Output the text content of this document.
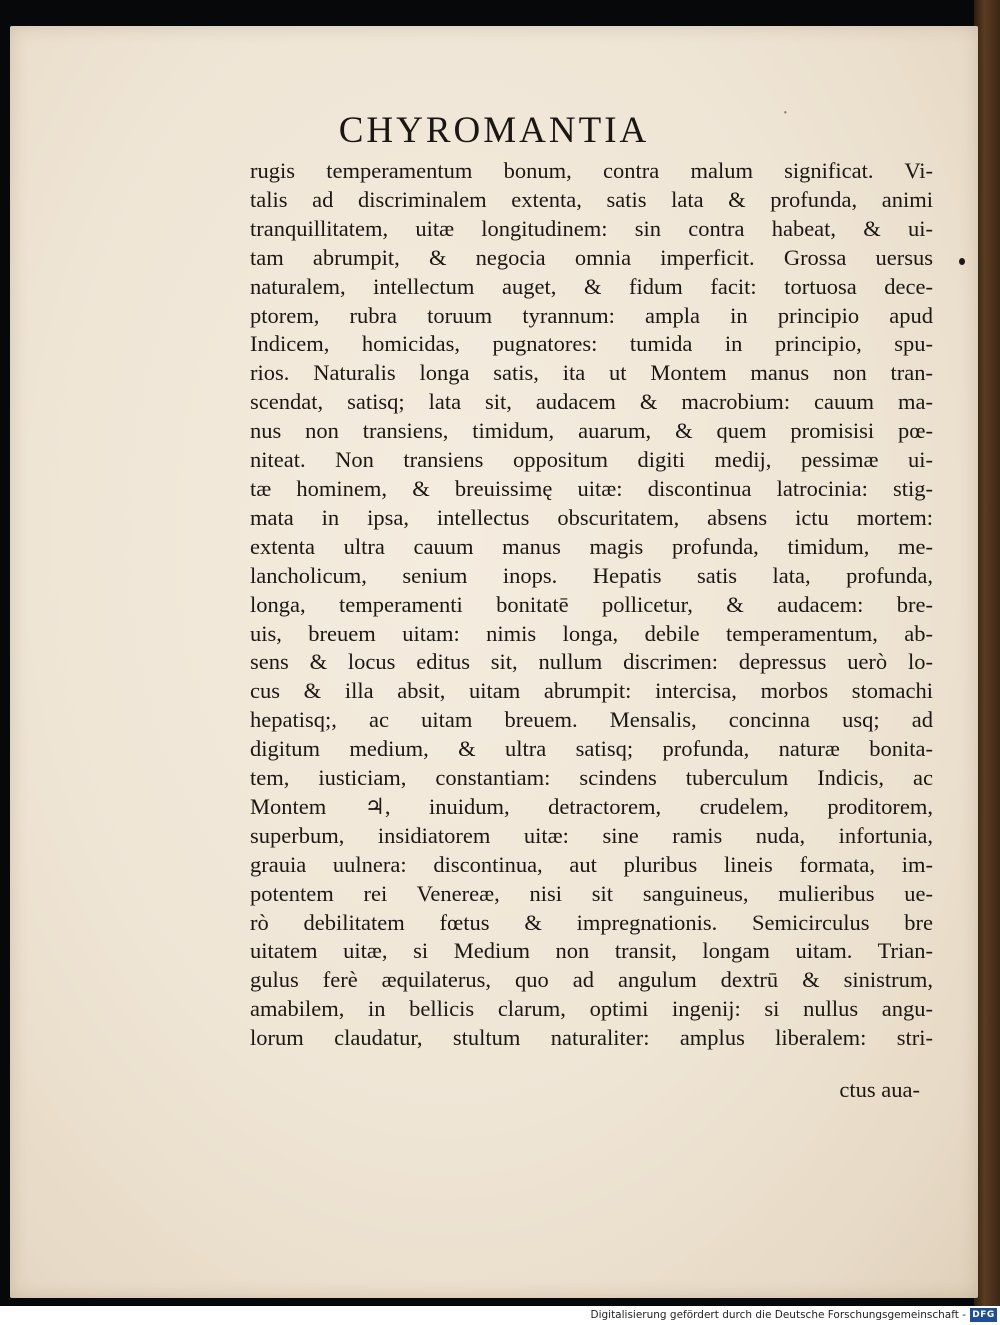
CHYROMANTIA	·
rugis temperamentum bonum, contra malum significat. Vi-
talis ad discriminalem extenta, satis lata & profunda, animi
tranquillitatem, uitæ longitudinem: sin contra habeat, & ui-
tam abrumpit, & negocia omnia imperficit. Grossa uersus
naturalem, intellectum auget, & fidum facit: tortuosa dece-
ptorem, rubra toruum tyrannum: ampla in principio apud
Indicem, homicidas, pugnatores: tumida in principio, spu-
rios. Naturalis longa satis, ita ut Montem manus non tran-
scendat, satisq; lata sit, audacem & macrobium: cauum ma-
nus non transiens, timidum, auarum, & quem promisisi pœ-
niteat. Non transiens oppositum digiti medij, pessimæ ui-
tæ hominem, & breuissimę uitæ: discontinua latrocinia: stig-
mata in ipsa, intellectus obscuritatem, absens ictu mortem:
extenta ultra cauum manus magis profunda, timidum, me-
lancholicum, senium inops. Hepatis satis lata, profunda,
longa, temperamenti bonitatē pollicetur, & audacem: bre-
uis, breuem uitam: nimis longa, debile temperamentum, ab-
sens & locus editus sit, nullum discrimen: depressus uerò lo-
cus & illa absit, uitam abrumpit: intercisa, morbos stomachi
hepatisq;, ac uitam breuem. Mensalis, concinna usq; ad
digitum medium, & ultra satisq; profunda, naturæ bonita-
tem, iusticiam, constantiam: scindens tuberculum Indicis, ac
Montem ♃, inuidum, detractorem, crudelem, proditorem,
superbum, insidiatorem uitæ: sine ramis nuda, infortunia,
grauia uulnera: discontinua, aut pluribus lineis formata, im-
potentem rei Venereæ, nisi sit sanguineus, mulieribus ue-
rò debilitatem fœtus & impregnationis. Semicirculus bre
uitatem uitæ, si Medium non transit, longam uitam. Trian-
gulus ferè æquilaterus, quo ad angulum dextrū & sinistrum,
amabilem, in bellicis clarum, optimi ingenij: si nullus angu-
lorum claudatur, stultum naturaliter: amplus liberalem: stri-
ctus aua-
Digitalisierung gefördert durch die Deutsche Forschungsgemeinschaft - DFG
